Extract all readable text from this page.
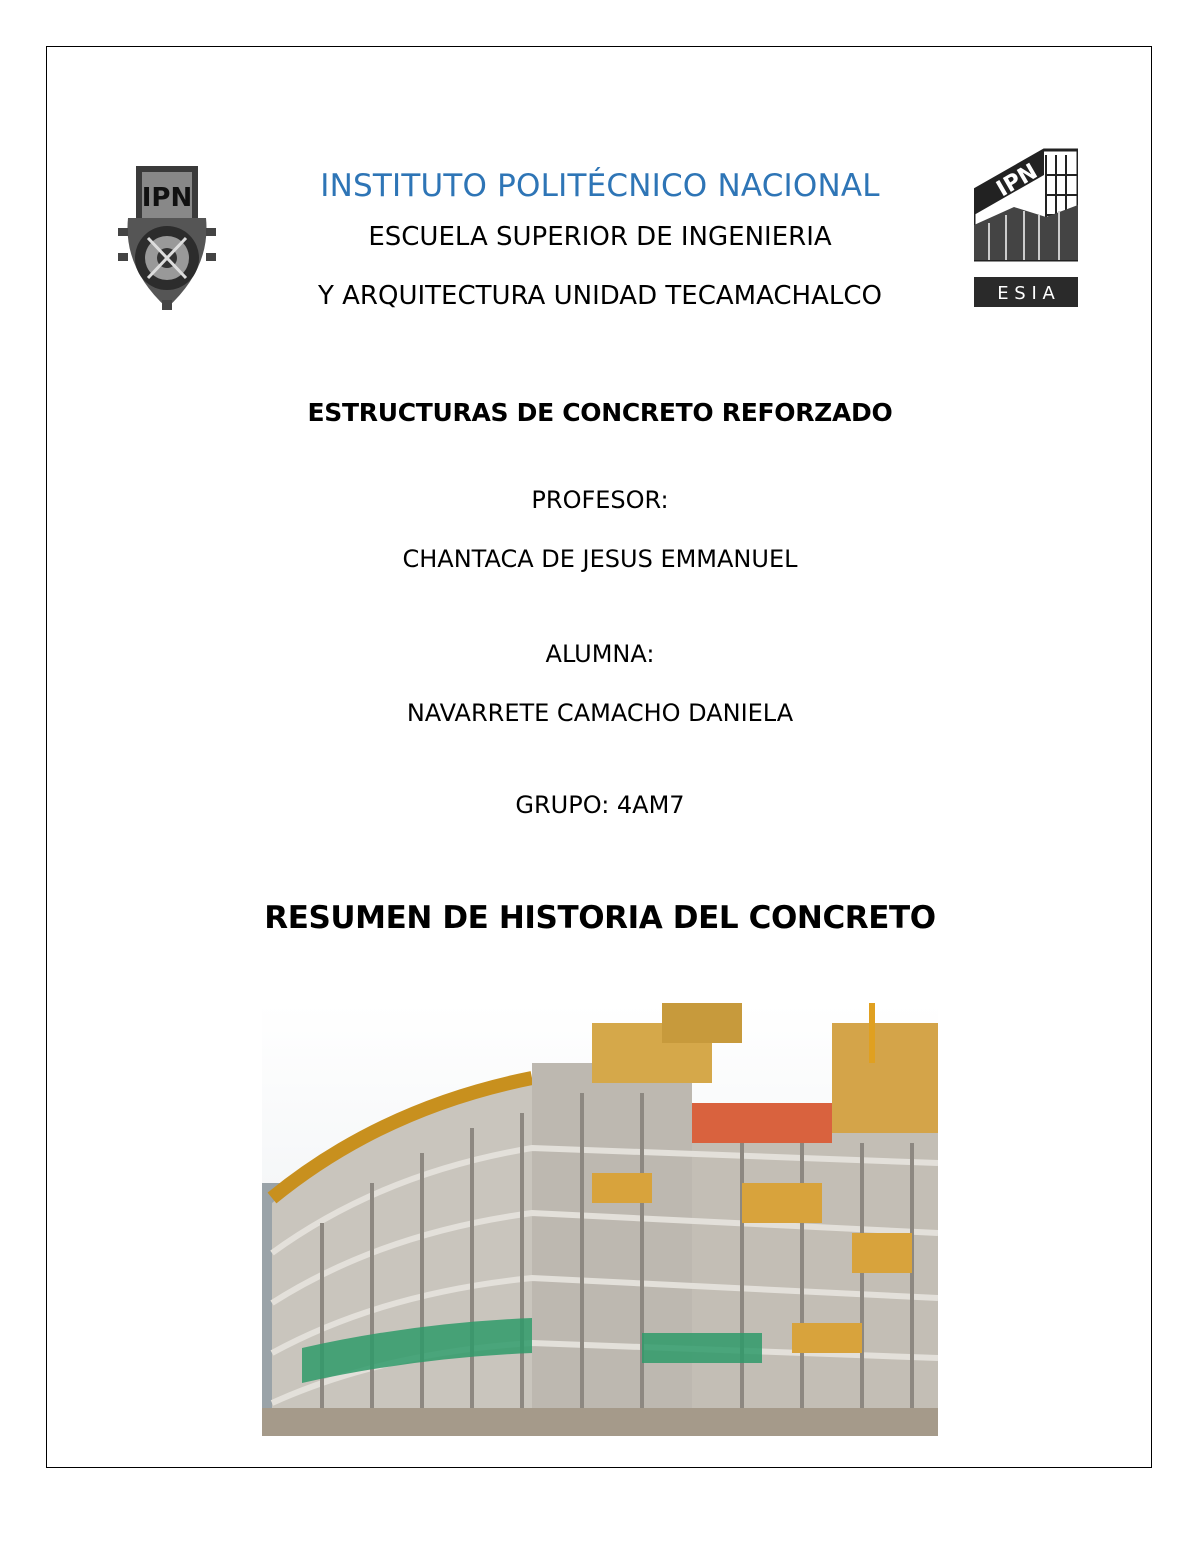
IPN	IPN
E S I A
INSTITUTO POLITÉCNICO NACIONAL
ESCUELA SUPERIOR DE INGENIERIA
Y ARQUITECTURA UNIDAD TECAMACHALCO
ESTRUCTURAS DE CONCRETO REFORZADO
PROFESOR:
CHANTACA DE JESUS EMMANUEL
ALUMNA:
NAVARRETE CAMACHO DANIELA
GRUPO: 4AM7
RESUMEN DE HISTORIA DEL CONCRETO
